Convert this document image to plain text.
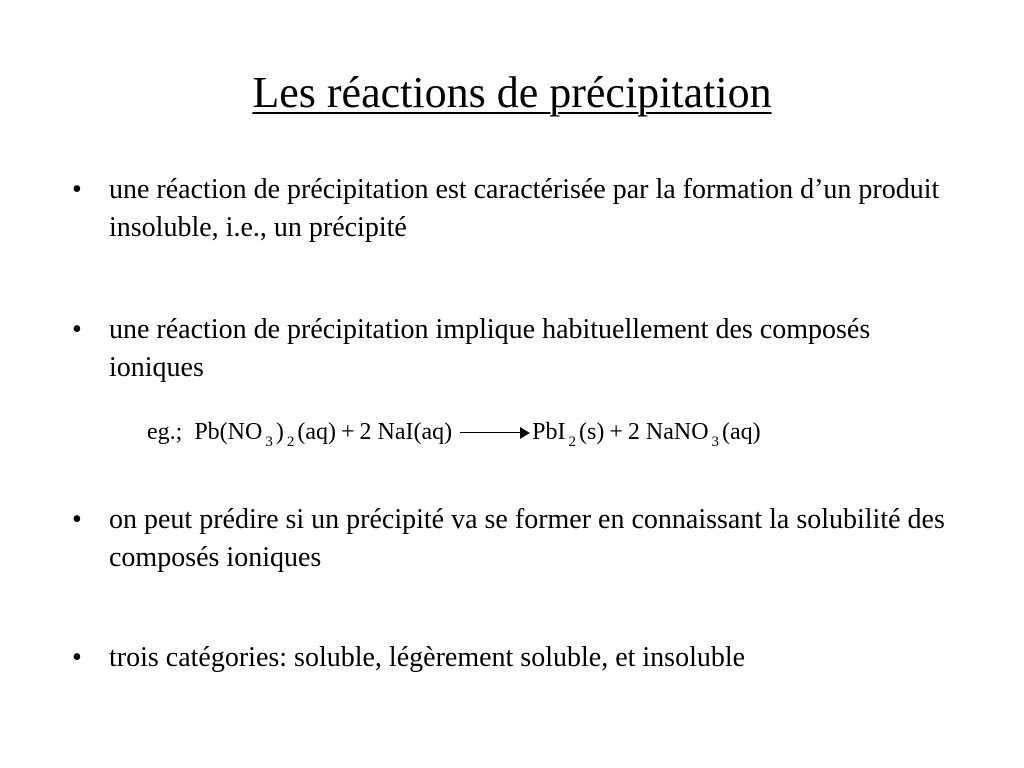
Les réactions de précipitation
• une réaction de précipitation est caractérisée par la formation d’un produit insoluble, i.e., un précipité
• une réaction de précipitation implique habituellement des composés ioniques
eg.; Pb(NO $_3$ ) $_2$ (aq) + 2 NaI(aq)	PbI $_2$ (s) + 2 NaNO $_3$ (aq)
• on peut prédire si un précipité va se former en connaissant la solubilité des composés ioniques
• trois catégories: soluble, légèrement soluble, et insoluble
